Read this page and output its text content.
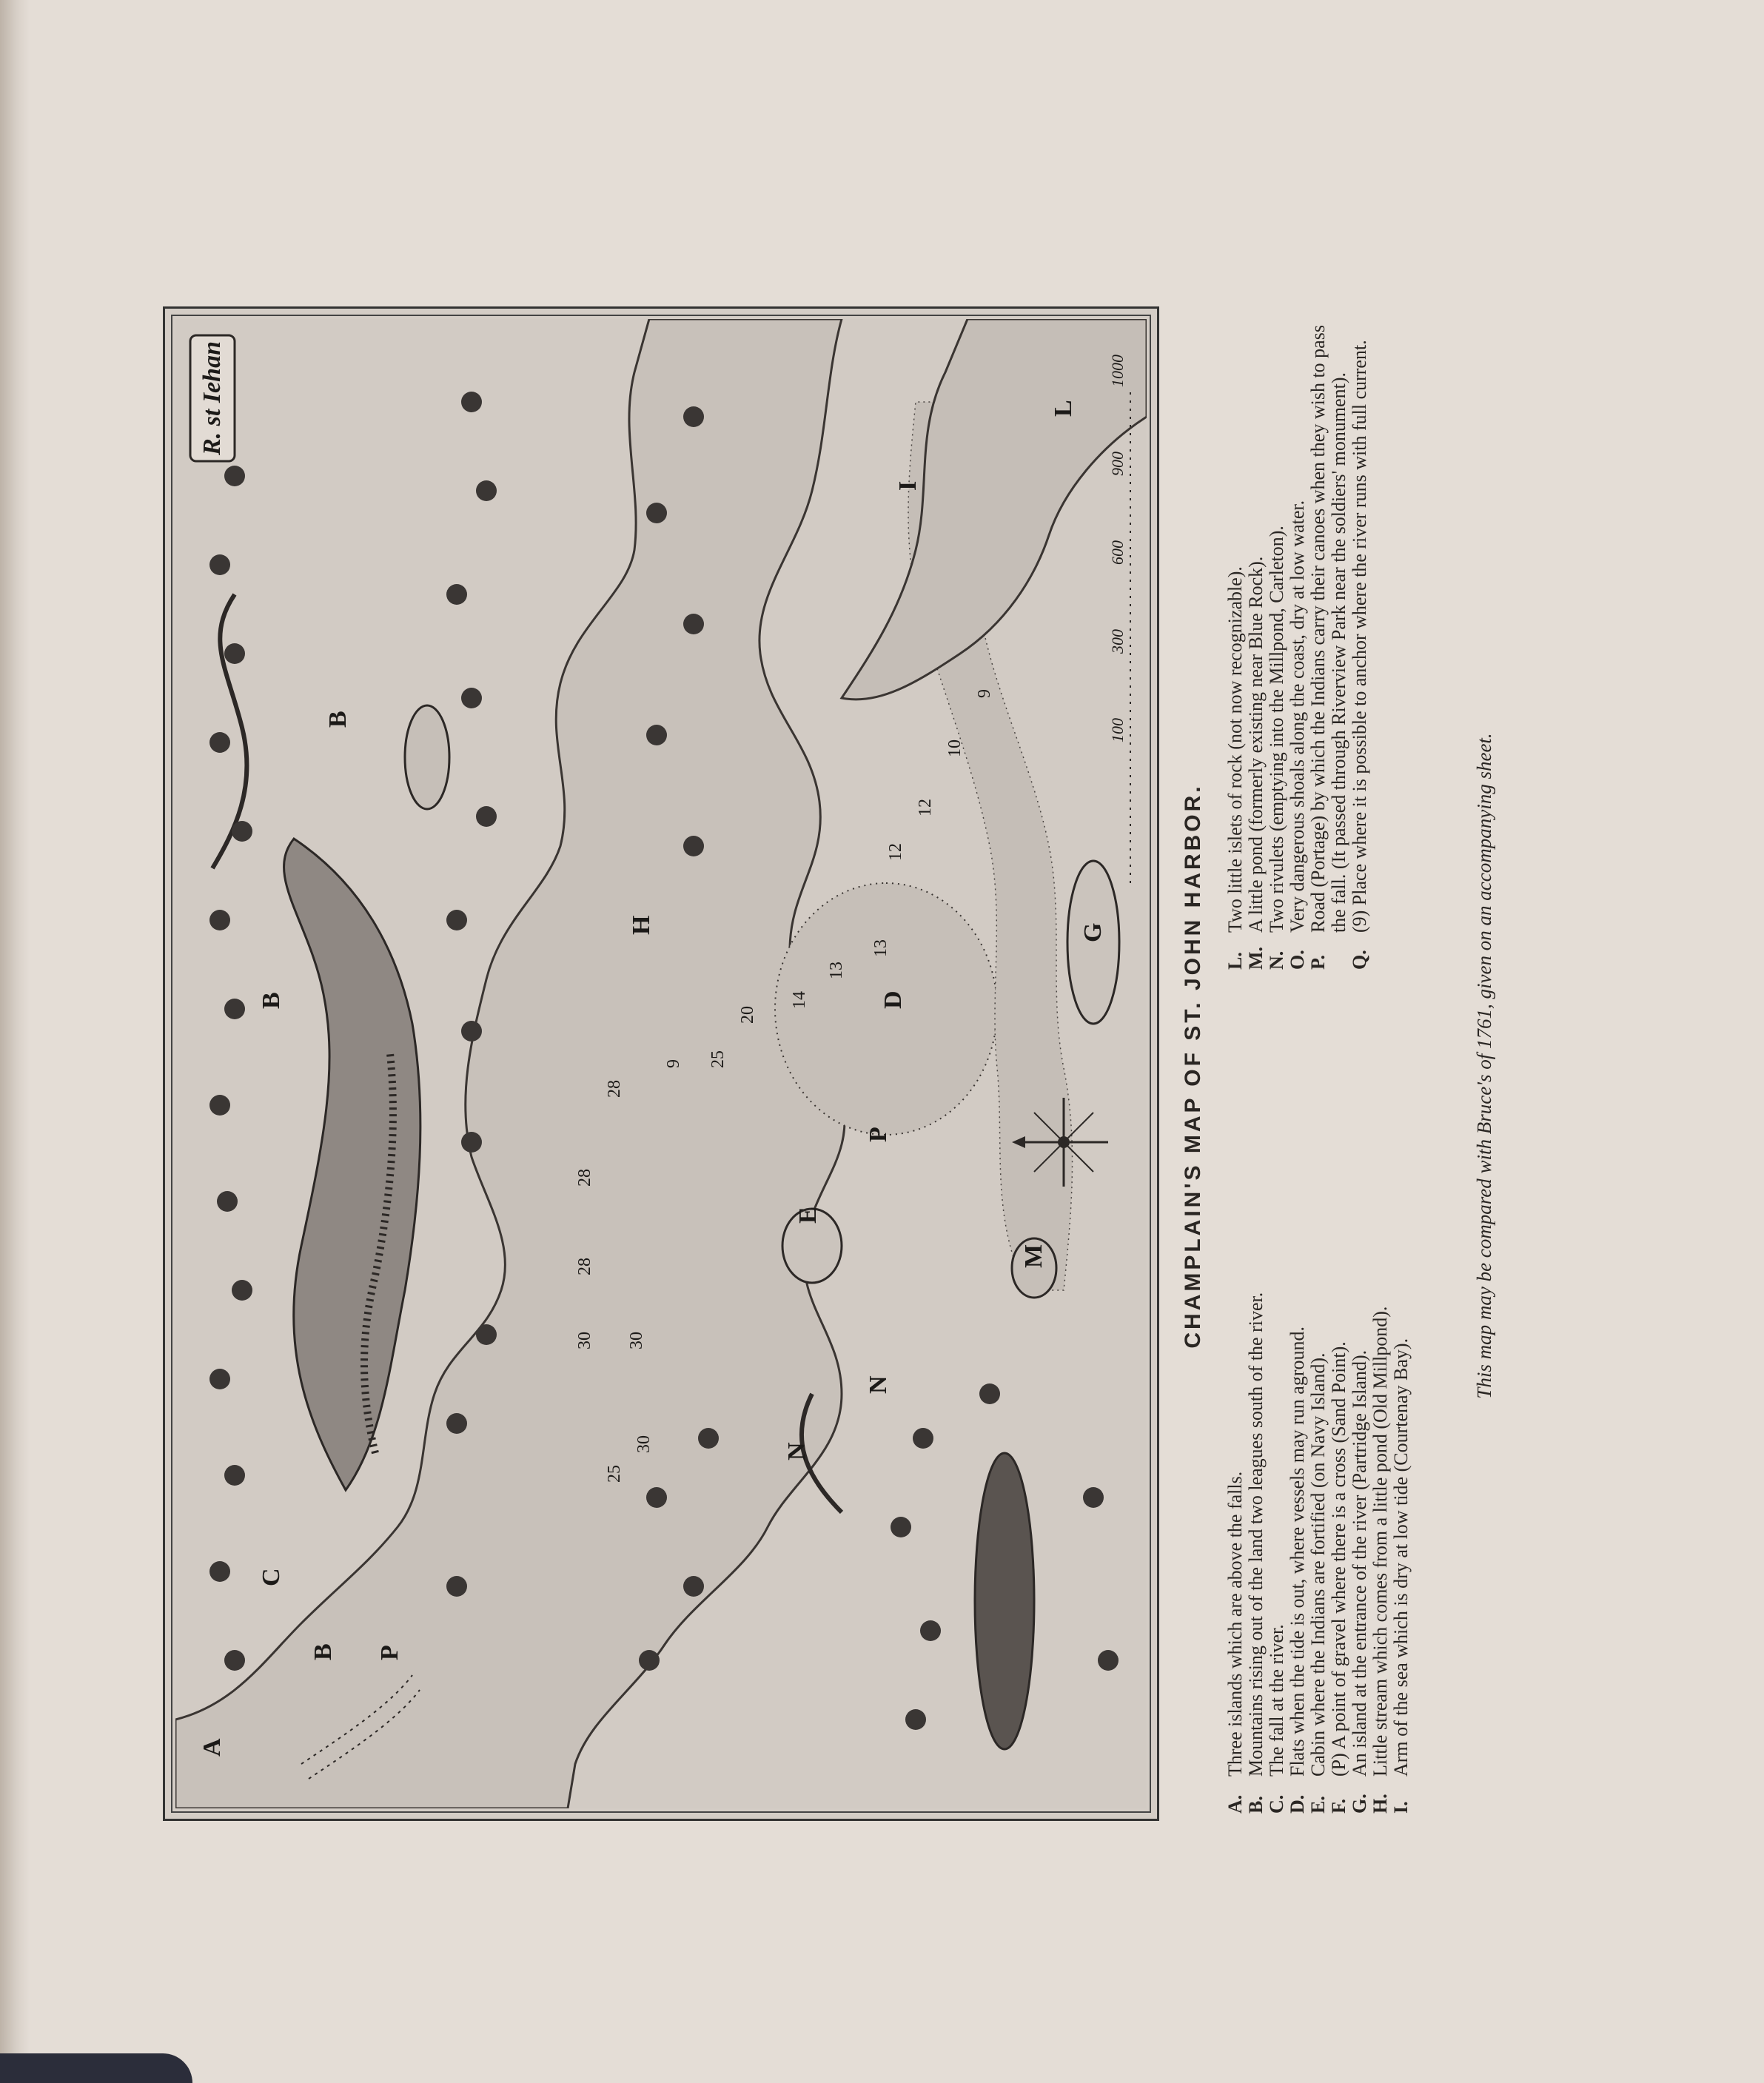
R. st Iehan
A
B
B
B
C
D
E
G
H
I
L
M
N
N
P
P
25
30
28
28
30
28
30
9 25
20
14
13
13
12
12
10
9
1000
900
600
300
100
CHAMPLAIN'S MAP OF ST. JOHN HARBOR.
A.
Three islands which are above the falls.
B.
Mountains rising out of the land two leagues south of the river.
C.
The fall at the river.
D.
Flats when the tide is out, where vessels may run aground.
E.
Cabin where the Indians are fortified (on Navy Island).
F.
(P) A point of gravel where there is a cross (Sand Point).
G.
An island at the entrance of the river (Partridge Island).
H.
Little stream which comes from a little pond (Old Millpond).
I.
Arm of the sea which is dry at low tide (Courtenay Bay).
L.
Two little islets of rock (not now recognizable).
M.
A little pond (formerly existing near Blue Rock).
N.
Two rivulets (emptying into the Millpond, Carleton).
O.
Very dangerous shoals along the coast, dry at low water.
P.
Road (Portage) by which the Indians carry their canoes when they wish to pass the fall. (It passed through Riverview Park near the soldiers' monument).
Q.
(9) Place where it is possible to anchor where the river runs with full current.
This map may be compared with Bruce's of 1761, given on an accompanying sheet.
